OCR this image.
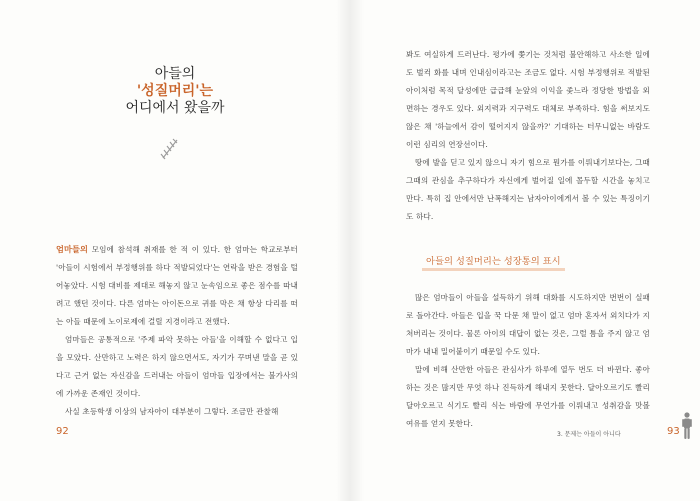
아들의
'성질머리'는
어디에서 왔을까

엄마들의 모임에 참석해 취재를 한 적 이 있다. 한 엄마는 학교로부터 '아들이 시험에서 부정행위를 하다 적발되었다'는 연락을 받은 경험을 털어놓았다. 시험 대비를 제대로 해놓지 않고 눈속임으로 좋은 점수를 따내려고 했던 것이다. 다른 엄마는 아이돈으로 귀를 막은 채 항상 다리를 떠는 아들 때문에 노이로제에 걸릴 지경이라고 전했다.

엄마들은 공통적으로 '주제 파악 못하는 아들'을 이해할 수 없다고 입을 모았다. 산만하고 노력은 하지 않으면서도, 자기가 꾸며낸 말을 곧 있다고 근거 없는 자신감을 드러내는 아들이 엄마들 입장에서는 불가사의에 가까운 존재인 것이다.

사실 초등학생 이상의 남자아이 대부분이 그렇다. 조금만 관찰해

92

봐도 여실하게 드러난다. 평가에 쫓기는 것처럼 불안해하고 사소한 일에도 벌컥 화를 내며 인내심이라고는 조금도 없다. 시험 부정행위로 적발된 아이처럼 목적 달성에만 급급해 눈앞의 이익을 좇느라 정당한 방법을 외면하는 경우도 있다. 외지력과 지구력도 대체로 부족하다. 힘을 써보지도 않은 채 '하늘에서 감이 떨어지지 않을까?' 기대하는 터무니없는 바람도 이런 심리의 연장선이다.

땅에 발을 딛고 있지 않으니 자기 힘으로 뭔가를 이뤄내기보다는, 그때그때의 관심을 추구하다가 자신에게 벌어질 일에 몰두할 시간을 놓치고 만다. 특히 집 안에서만 난폭해지는 남자아이에게서 볼 수 있는 특징이기도 하다.

아들의 성질머리는 성장통의 표시

많은 엄마들이 아들을 설득하기 위해 대화를 시도하지만 번번이 실패로 돌아간다. 아들은 입을 꾹 다문 채 말이 없고 엄마 혼자서 외치다가 지쳐버리는 것이다. 물론 아이의 대답이 없는 것은, 그럴 틈을 주지 않고 엄마가 내내 밀어붙이기 때문일 수도 있다.

말에 비해 산만한 아들은 관심사가 하루에 열두 번도 더 바뀐다. 좋아하는 것은 많지만 무엇 하나 진득하게 해내지 못한다. 달아오르기도 빨리 달아오르고 식기도 빨리 식는 바람에 무언가를 이뤄내고 성취감을 맛볼 여유를 얻지 못한다.

3. 문제는 아들이 아니다	93
